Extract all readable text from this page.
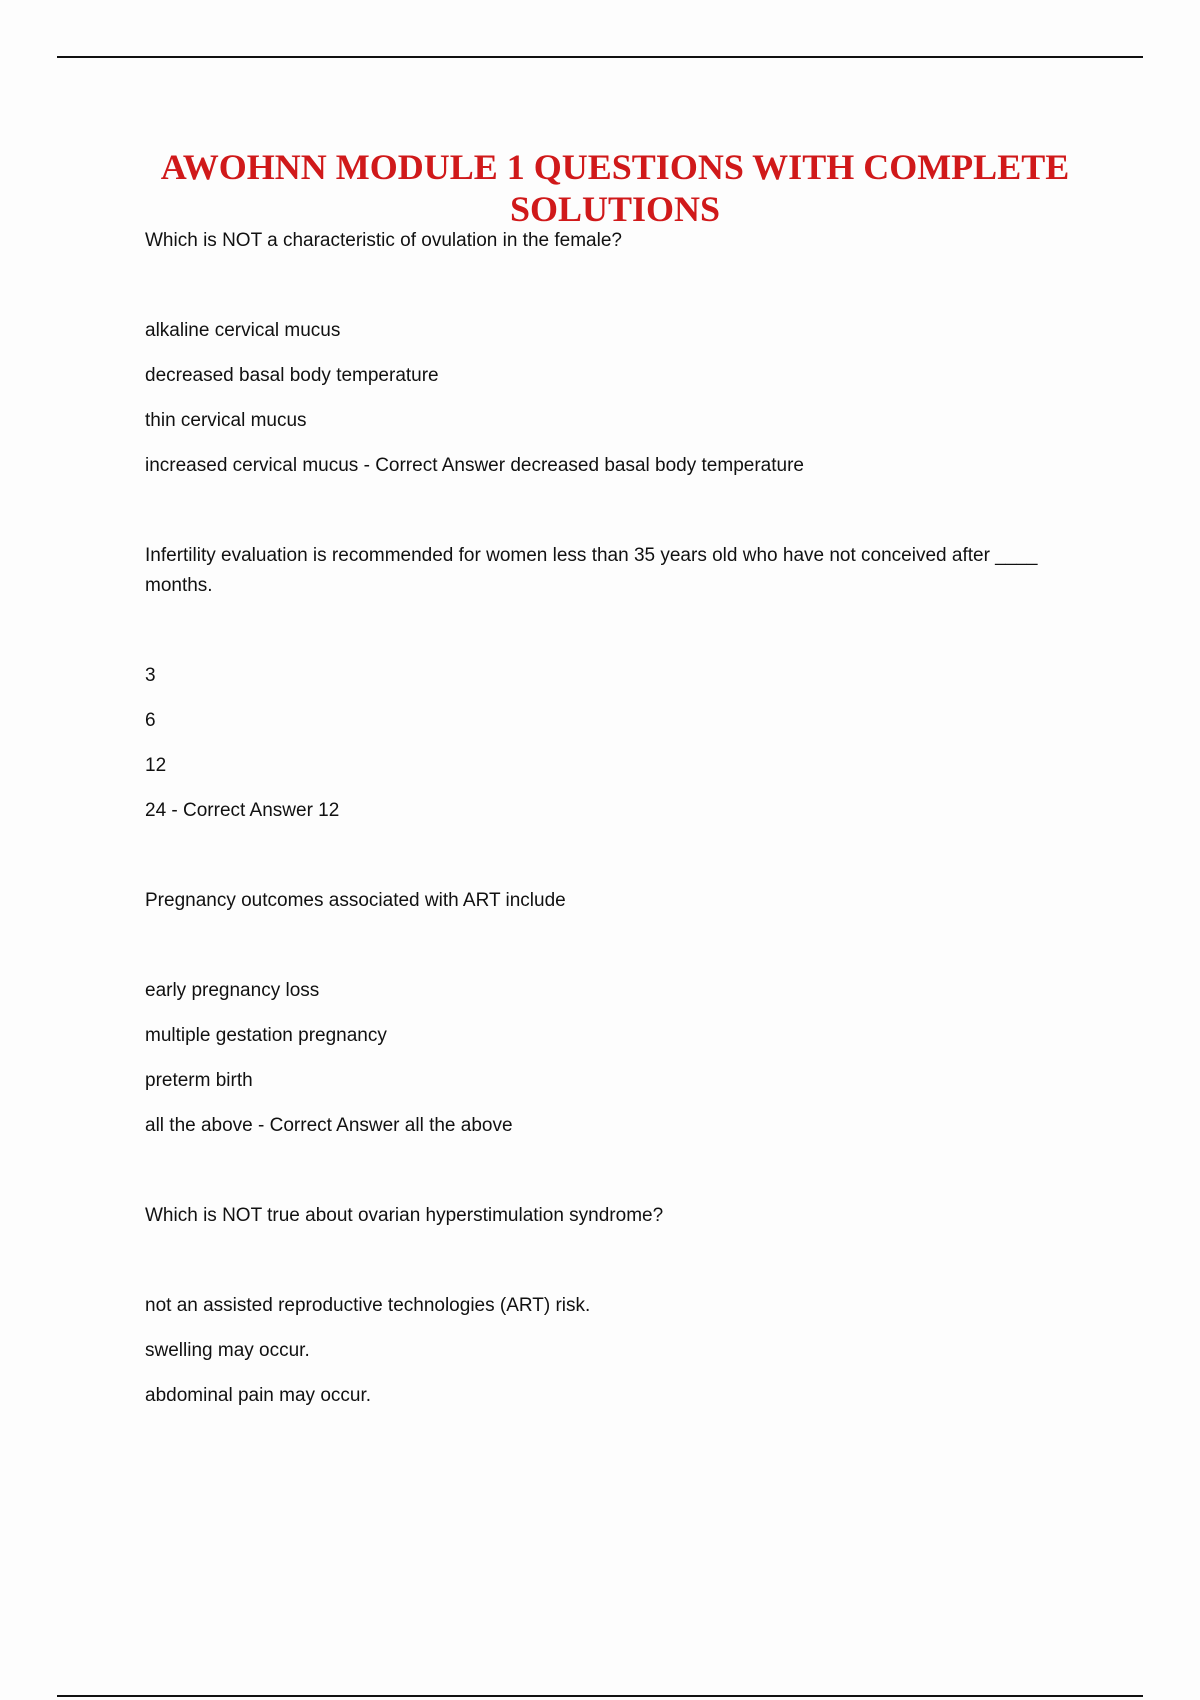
AWOHNN MODULE 1 QUESTIONS WITH COMPLETE SOLUTIONS

Which is NOT a characteristic of ovulation in the female?

alkaline cervical mucus

decreased basal body temperature

thin cervical mucus

increased cervical mucus - Correct Answer decreased basal body temperature

Infertility evaluation is recommended for women less than 35 years old who have not conceived after ____ months.

3

6

12

24 - Correct Answer 12

Pregnancy outcomes associated with ART include

early pregnancy loss

multiple gestation pregnancy

preterm birth

all the above - Correct Answer all the above

Which is NOT true about ovarian hyperstimulation syndrome?

not an assisted reproductive technologies (ART) risk.

swelling may occur.

abdominal pain may occur.
